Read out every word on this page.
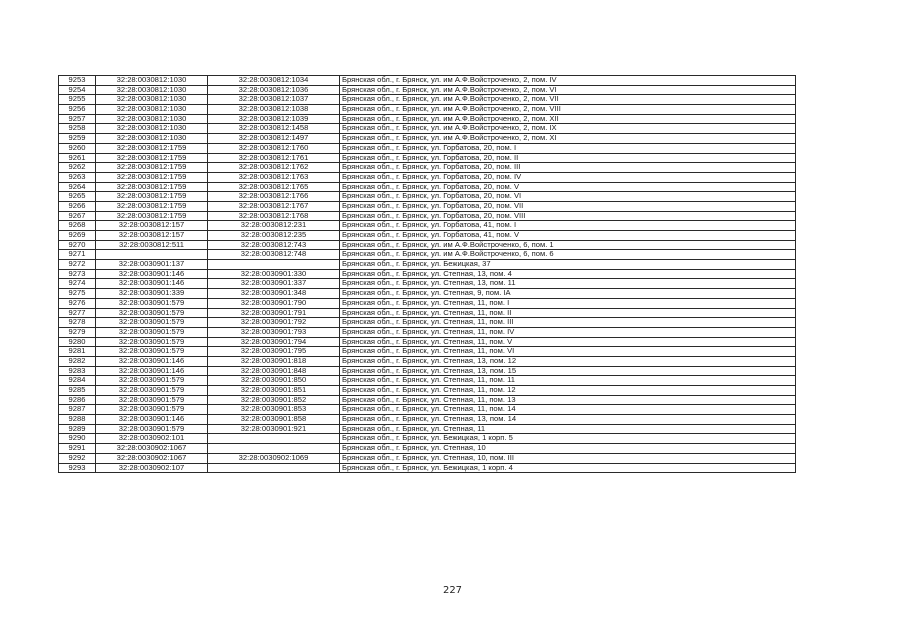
9253	32:28:0030812:1030	32:28:0030812:1034	Брянская обл., г. Брянск, ул. им А.Ф.Войстроченко, 2, пом. IV
9254	32:28:0030812:1030	32:28:0030812:1036	Брянская обл., г. Брянск, ул. им А.Ф.Войстроченко, 2, пом. VI
9255	32:28:0030812:1030	32:28:0030812:1037	Брянская обл., г. Брянск, ул. им А.Ф.Войстроченко, 2, пом. VII
9256	32:28:0030812:1030	32:28:0030812:1038	Брянская обл., г. Брянск, ул. им А.Ф.Войстроченко, 2, пом. VIII
9257	32:28:0030812:1030	32:28:0030812:1039	Брянская обл., г. Брянск, ул. им А.Ф.Войстроченко, 2, пом. XII
9258	32:28:0030812:1030	32:28:0030812:1458	Брянская обл., г. Брянск, ул. им А.Ф.Войстроченко, 2, пом. IX
9259	32:28:0030812:1030	32:28:0030812:1497	Брянская обл., г. Брянск, ул. им А.Ф.Войстроченко, 2, пом. XI
9260	32:28:0030812:1759	32:28:0030812:1760	Брянская обл., г. Брянск, ул. Горбатова, 20, пом. I
9261	32:28:0030812:1759	32:28:0030812:1761	Брянская обл., г. Брянск, ул. Горбатова, 20, пом. II
9262	32:28:0030812:1759	32:28:0030812:1762	Брянская обл., г. Брянск, ул. Горбатова, 20, пом. III
9263	32:28:0030812:1759	32:28:0030812:1763	Брянская обл., г. Брянск, ул. Горбатова, 20, пом. IV
9264	32:28:0030812:1759	32:28:0030812:1765	Брянская обл., г. Брянск, ул. Горбатова, 20, пом. V
9265	32:28:0030812:1759	32:28:0030812:1766	Брянская обл., г. Брянск, ул. Горбатова, 20, пом. VI
9266	32:28:0030812:1759	32:28:0030812:1767	Брянская обл., г. Брянск, ул. Горбатова, 20, пом. VII
9267	32:28:0030812:1759	32:28:0030812:1768	Брянская обл., г. Брянск, ул. Горбатова, 20, пом. VIII
9268	32:28:0030812:157	32:28:0030812:231	Брянская обл., г. Брянск, ул. Горбатова, 41, пом. I
9269	32:28:0030812:157	32:28:0030812:235	Брянская обл., г. Брянск, ул. Горбатова, 41, пом. V
9270	32:28:0030812:511	32:28:0030812:743	Брянская обл., г. Брянск, ул. им А.Ф.Войстроченко, 6, пом. 1
9271		32:28:0030812:748	Брянская обл., г. Брянск, ул. им А.Ф.Войстроченко, 6, пом. 6
9272	32:28:0030901:137		Брянская обл., г. Брянск, ул. Бежицкая, 37
9273	32:28:0030901:146	32:28:0030901:330	Брянская обл., г. Брянск, ул. Степная, 13, пом. 4
9274	32:28:0030901:146	32:28:0030901:337	Брянская обл., г. Брянск, ул. Степная, 13, пом. 11
9275	32:28:0030901:339	32:28:0030901:348	Брянская обл., г. Брянск, ул. Степная, 9, пом. IA
9276	32:28:0030901:579	32:28:0030901:790	Брянская обл., г. Брянск, ул. Степная, 11, пом. I
9277	32:28:0030901:579	32:28:0030901:791	Брянская обл., г. Брянск, ул. Степная, 11, пом. II
9278	32:28:0030901:579	32:28:0030901:792	Брянская обл., г. Брянск, ул. Степная, 11, пом. III
9279	32:28:0030901:579	32:28:0030901:793	Брянская обл., г. Брянск, ул. Степная, 11, пом. IV
9280	32:28:0030901:579	32:28:0030901:794	Брянская обл., г. Брянск, ул. Степная, 11, пом. V
9281	32:28:0030901:579	32:28:0030901:795	Брянская обл., г. Брянск, ул. Степная, 11, пом. VI
9282	32:28:0030901:146	32:28:0030901:818	Брянская обл., г. Брянск, ул. Степная, 13, пом. 12
9283	32:28:0030901:146	32:28:0030901:848	Брянская обл., г. Брянск, ул. Степная, 13, пом. 15
9284	32:28:0030901:579	32:28:0030901:850	Брянская обл., г. Брянск, ул. Степная, 11, пом. 11
9285	32:28:0030901:579	32:28:0030901:851	Брянская обл., г. Брянск, ул. Степная, 11, пом. 12
9286	32:28:0030901:579	32:28:0030901:852	Брянская обл., г. Брянск, ул. Степная, 11, пом. 13
9287	32:28:0030901:579	32:28:0030901:853	Брянская обл., г. Брянск, ул. Степная, 11, пом. 14
9288	32:28:0030901:146	32:28:0030901:858	Брянская обл., г. Брянск, ул. Степная, 13, пом. 14
9289	32:28:0030901:579	32:28:0030901:921	Брянская обл., г. Брянск, ул. Степная, 11
9290	32:28:0030902:101		Брянская обл., г. Брянск, ул. Бежицкая, 1 корп. 5
9291	32:28:0030902:1067		Брянская обл., г. Брянск, ул. Степная, 10
9292	32:28:0030902:1067	32:28:0030902:1069	Брянская обл., г. Брянск, ул. Степная, 10, пом. III
9293	32:28:0030902:107		Брянская обл., г. Брянск, ул. Бежицкая, 1 корп. 4
227
